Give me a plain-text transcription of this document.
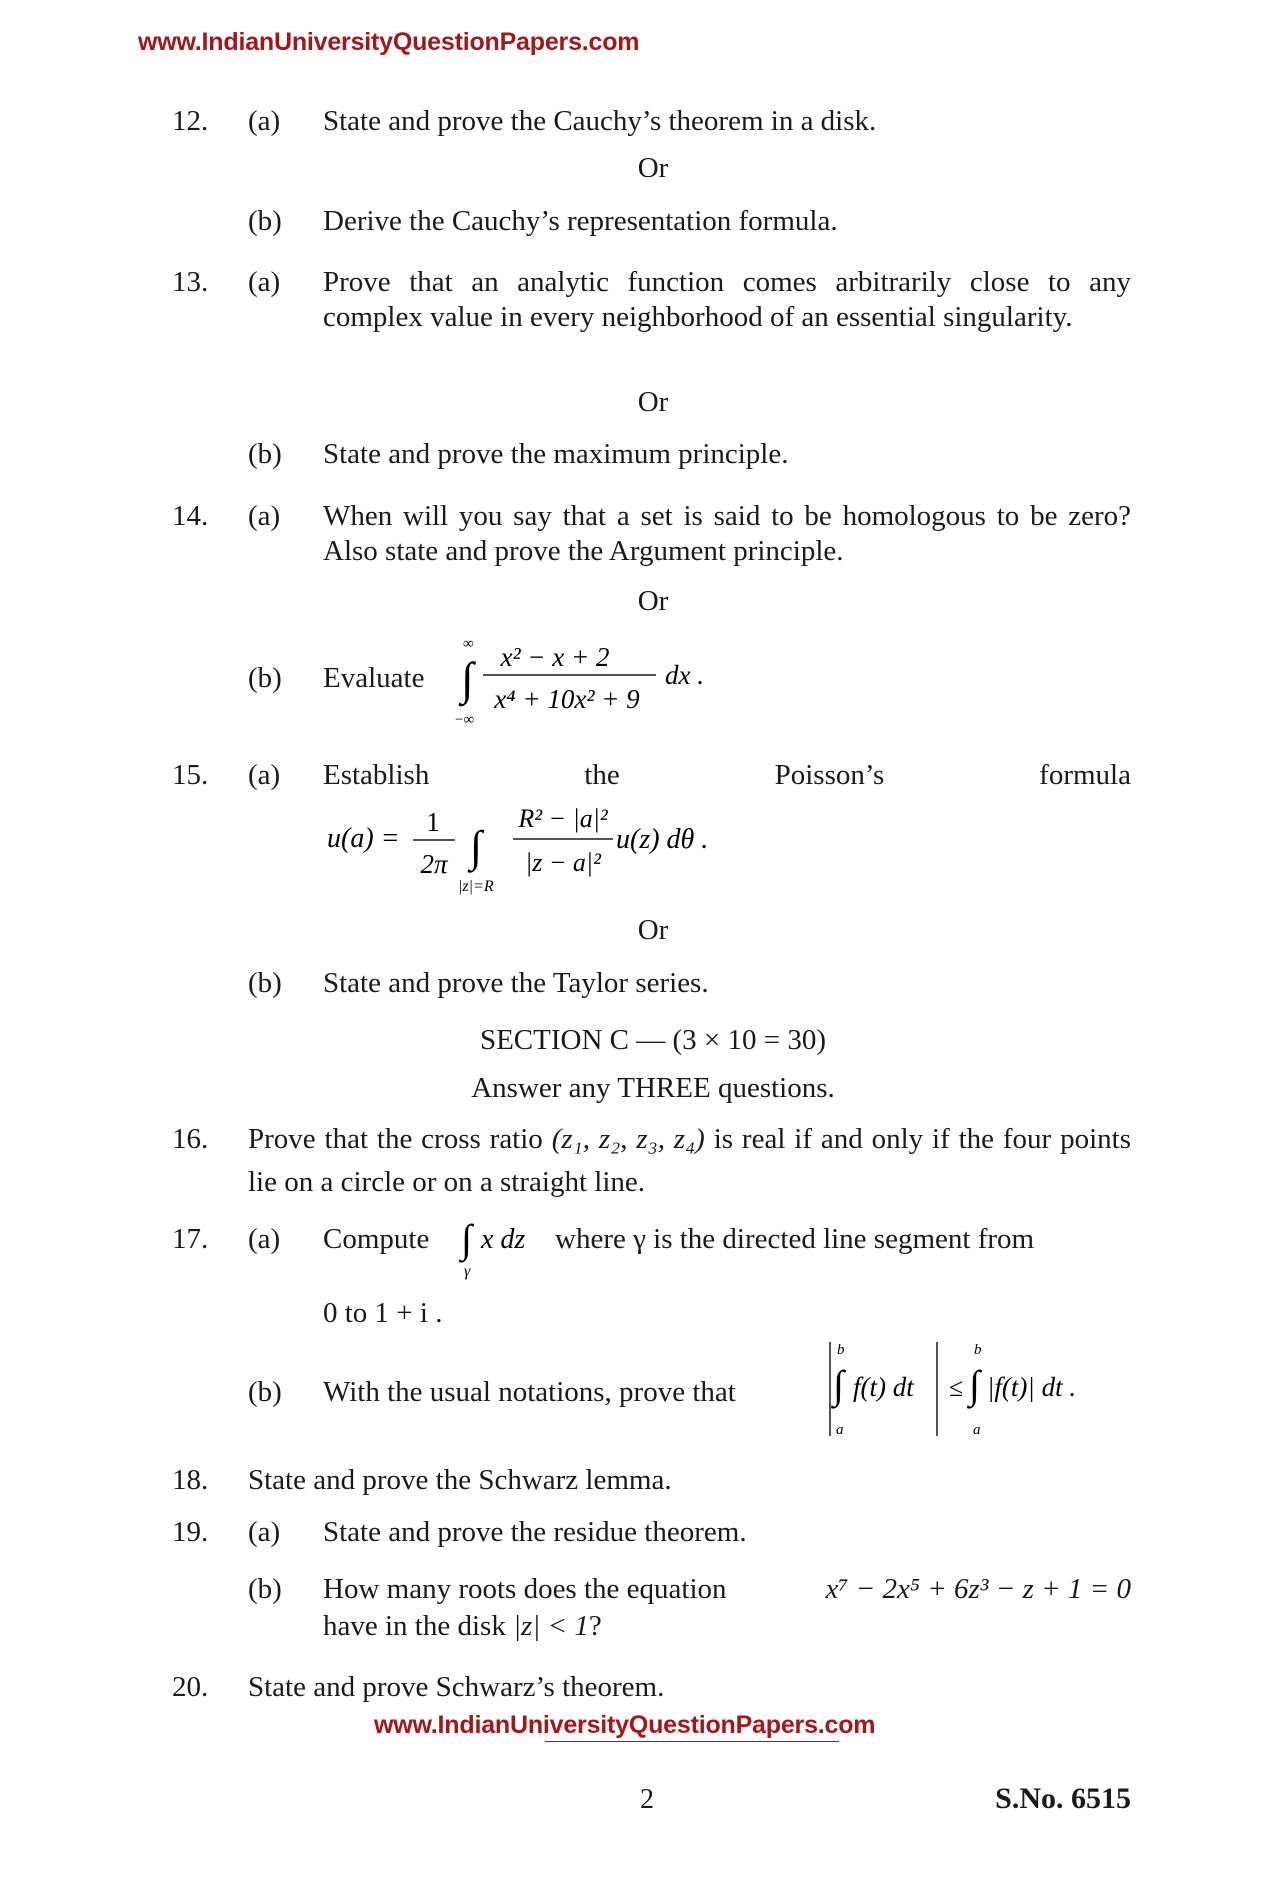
www.IndianUniversityQuestionPapers.com
12. (a) State and prove the Cauchy’s theorem in a disk.
Or
(b) Derive the Cauchy’s representation formula.
13. (a) Prove that an analytic function comes arbitrarily close to any complex value in every neighborhood of an essential singularity.
Or
(b) State and prove the maximum principle.
14. (a) When will you say that a set is said to be homologous to be zero? Also state and prove the Argument principle.
Or
(b) Evaluate
∞
∫
−∞
x² − x + 2
x⁴ + 10x² + 9
dx .
15. (a) Establish	the	Poisson’s	formula
u(a) =
1
2π ∫
|z|=R
R² − |a|²
|z − a|²
u(z) dθ .
Or
(b) State and prove the Taylor series.
SECTION C — (3 × 10 = 30)
Answer any THREE questions.
16. Prove that the cross ratio (z₁, z₂, z₃, z₄) is real if and only if the four points lie on a circle or on a straight line.
17. (a) Compute ∫
γ
x dz where γ is the directed line segment from
0 to 1 + i .
(b) With the usual notations, prove that
b
∫
a
f(t) dt ≤
b
∫
a
|f(t)| dt .
18. State and prove the Schwarz lemma.
19. (a) State and prove the residue theorem.
(b) How many roots does the equation	x⁷ − 2x⁵ + 6z³ − z + 1 = 0
have in the disk |z| < 1?
20. State and prove Schwarz’s theorem.
www.IndianUniversityQuestionPapers.com
2	S.No. 6515
